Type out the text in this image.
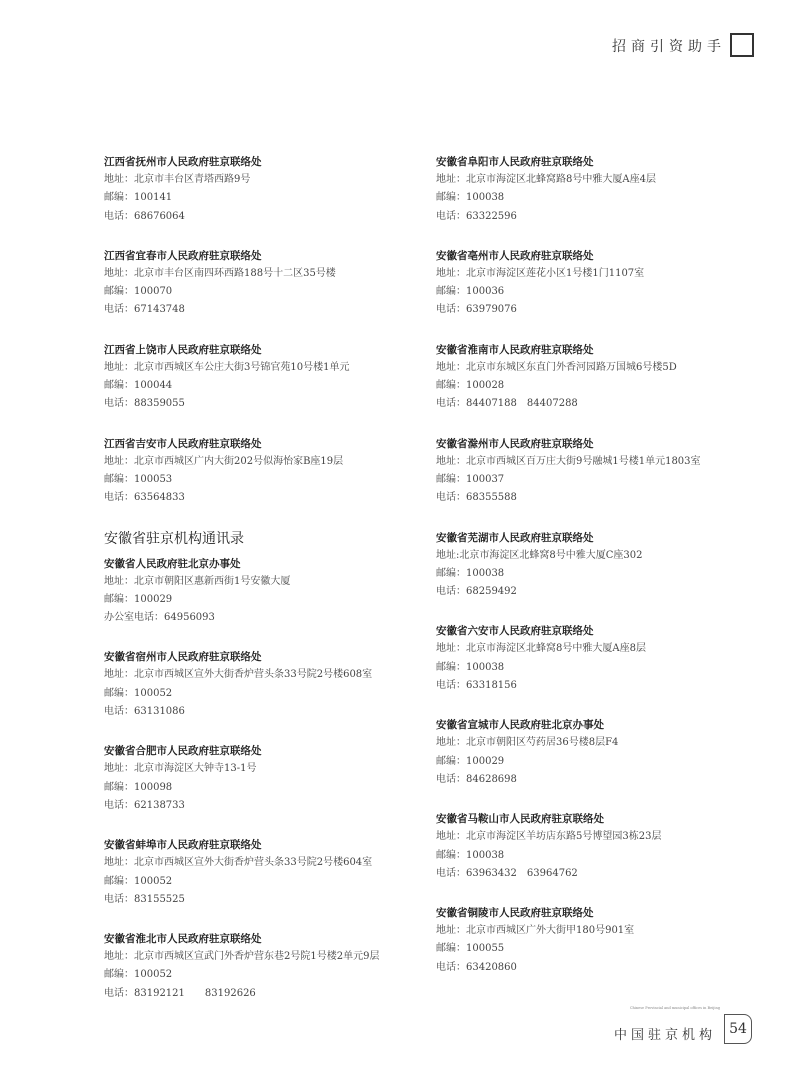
招商引资助手
江西省抚州市人民政府驻京联络处
地址：北京市丰台区青塔西路9号
邮编：100141
电话：68676064
江西省宜春市人民政府驻京联络处
地址：北京市丰台区南四环西路188号十二区35号楼
邮编：100070
电话：67143748
江西省上饶市人民政府驻京联络处
地址：北京市西城区车公庄大街3号锦官苑10号楼1单元
邮编：100044
电话：88359055
江西省吉安市人民政府驻京联络处
地址：北京市西城区广内大街202号似海怡家B座19层
邮编：100053
电话：63564833
安徽省驻京机构通讯录
安徽省人民政府驻北京办事处
地址：北京市朝阳区惠新西街1号安徽大厦
邮编：100029
办公室电话：64956093
安徽省宿州市人民政府驻京联络处
地址：北京市西城区宣外大街香炉营头条33号院2号楼608室
邮编：100052
电话：63131086
安徽省合肥市人民政府驻京联络处
地址：北京市海淀区大钟寺13-1号
邮编：100098
电话：62138733
安徽省蚌埠市人民政府驻京联络处
地址：北京市西城区宣外大街香炉营头条33号院2号楼604室
邮编：100052
电话：83155525
安徽省淮北市人民政府驻京联络处
地址：北京市西城区宣武门外香炉营东巷2号院1号楼2单元9层
邮编：100052
电话：83192121　　83192626
安徽省阜阳市人民政府驻京联络处
地址：北京市海淀区北蜂窝路8号中雅大厦A座4层
邮编：100038
电话：63322596
安徽省亳州市人民政府驻京联络处
地址：北京市海淀区莲花小区1号楼1门1107室
邮编：100036
电话：63979076
安徽省淮南市人民政府驻京联络处
地址：北京市东城区东直门外香河园路万国城6号楼5D
邮编：100028
电话：84407188　84407288
安徽省滁州市人民政府驻京联络处
地址：北京市西城区百万庄大街9号融城1号楼1单元1803室
邮编：100037
电话：68355588
安徽省芜湖市人民政府驻京联络处
地址:北京市海淀区北蜂窝8号中雅大厦C座302
邮编：100038
电话：68259492
安徽省六安市人民政府驻京联络处
地址：北京市海淀区北蜂窝8号中雅大厦A座8层
邮编：100038
电话：63318156
安徽省宣城市人民政府驻北京办事处
地址：北京市朝阳区芍药居36号楼8层F4
邮编：100029
电话：84628698
安徽省马鞍山市人民政府驻京联络处
地址：北京市海淀区羊坊店东路5号博望园3栋23层
邮编：100038
电话：63963432　63964762
安徽省铜陵市人民政府驻京联络处
地址：北京市西城区广外大街甲180号901室
邮编：100055
电话：63420860
Chinese Provincial and municipal offices in Beijing
中国驻京机构 54
